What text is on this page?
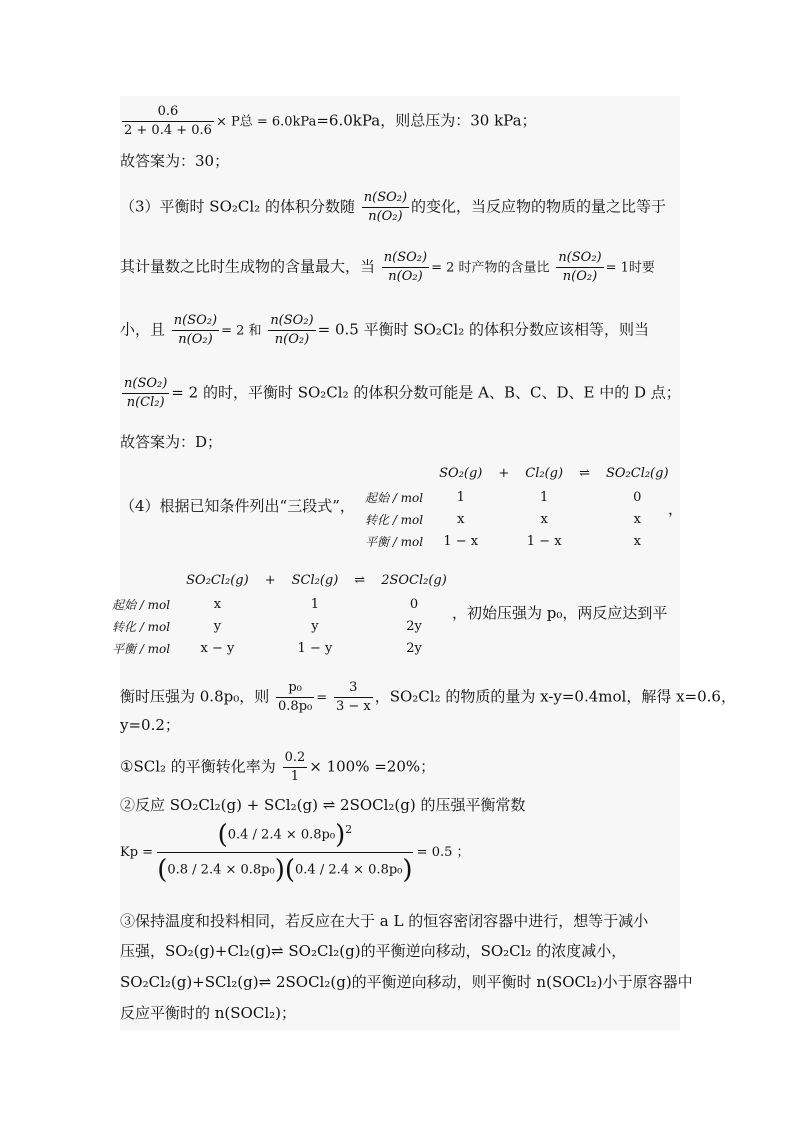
$\frac{0.6}{2 + 0.4 + 0.6} \times P$总 = 6.0kPa=6.0kPa，则总压为：30 kPa；
故答案为：30；
（3）平衡时 SO₂Cl₂ 的体积分数随 $\frac{\text{n(SO₂)}}{\text{n(O₂)}}$ 的变化，当反应物的物质的量之比等于
其计量数之比时生成物的含量最大，当 $\frac{\text{n(SO₂)}}{\text{n(O₂)}} = 2$ 时产物的含量比 $\frac{\text{n(SO₂)}}{\text{n(O₂)}} = 1$时要
小，且 $\frac{\text{n(SO₂)}}{\text{n(O₂)}} = 2$ 和 $\frac{\text{n(SO₂)}}{\text{n(O₂)}} = 0.5$ 平衡时 SO₂Cl₂ 的体积分数应该相等，则当
$\frac{\text{n(SO₂)}}{\text{n(Cl₂)}} = 2$ 的时，平衡时 SO₂Cl₂ 的体积分数可能是 A、B、C、D、E 中的 D 点；
故答案为：D；
（4）根据已知条件列出“三段式”，
	SO₂(g)	+	Cl₂(g)	⇌	SO₂Cl₂(g)
起始 / mol	1		1		0
转化 / mol	x		x		x
平衡 / mol	1 − x		1 − x		x
，
	SO₂Cl₂(g)	+	SCl₂(g)	⇌	2SOCl₂(g)
起始 / mol	x		1		0
转化 / mol	y		y		2y
平衡 / mol	x − y		1 − y		2y
，初始压强为 p₀，两反应达到平
衡时压强为 0.8p₀，则 $\frac{\text{p₀}}{\text{0.8p₀}} = \frac{3}{3 - x}$ ，SO₂Cl₂ 的物质的量为 x-y=0.4mol，解得 x=0.6，
y=0.2；
①SCl₂ 的平衡转化率为 $\frac{0.2}{1} \times 100\% =20\%$；
②反应 SO₂Cl₂(g) + SCl₂(g) ⇌ 2SOCl₂(g) 的压强平衡常数
$Kp = \frac{(0.4 / 2.4 \times 0.8p_0)^2}{\text{(0.8 / 2.4 × 0.8p₀)(0.4 / 2.4 × 0.8p₀)}} = 0.5$ ；
③保持温度和投料相同，若反应在大于 a L 的恒容密闭容器中进行，想等于减小
压强，SO₂(g)+Cl₂(g)⇌ SO₂Cl₂(g)的平衡逆向移动，SO₂Cl₂ 的浓度减小，
SO₂Cl₂(g)+SCl₂(g)⇌ 2SOCl₂(g)的平衡逆向移动，则平衡时 n(SOCl₂)小于原容器中
反应平衡时的 n(SOCl₂)；
